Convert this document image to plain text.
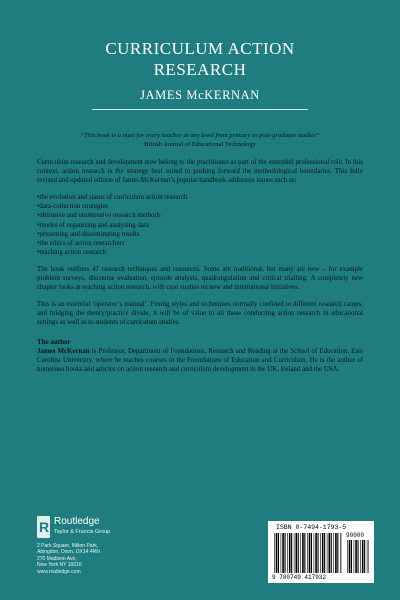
CURRICULUM ACTION
RESEARCH
JAMES McKERNAN
“This book is a must for every teacher at any level from primary to post-graduate studies”
British Journal of Educational Technology

Curriculum research and development now belong to the practitioner as part of the extended professional role. In this context, action research is the strategy best suited to pushing forward the methodological boundaries. This fully revised and updated edition of James McKernan’s popular handbook addresses issues such as:

• the evolution and status of curriculum action research
• data-collection strategies
• obtrusive and unobtrusive research methods
• modes of organizing and analysing data
• presenting and disseminating results
• the ethics of action researchers
• teaching action research

The book outlines 47 research techniques and resources. Some are traditional, but many are new – for example problem surveys, discourse evaluation, episode analysis, quadrangulation and critical trialling. A completely new chapter looks at teaching action research, with case studies on new and international initiatives.

This is an essential ‘operator’s manual’. Fusing styles and techniques normally confined to different research camps, and bridging the theory/practice divide, it will be of value to all those conducting action research in educational settings as well as to students of curriculum studies.

The author

James McKernan is Professor, Department of Foundations, Research and Reading at the School of Education, East Carolina University, where he teaches courses in the Foundations of Education and Curriculum. He is the author of numerous books and articles on action research and curriculum development in the UK, Ireland and the USA.

R Routledge
Taylor & Francis Group
2 Park Square, Milton Park,
Abingdon, Oxon, OX14 4RN
270 Madison Ave,
New York NY 10016
www.routledge.com
ISBN 0-7494-1793-5
90000
9 780749 417932
